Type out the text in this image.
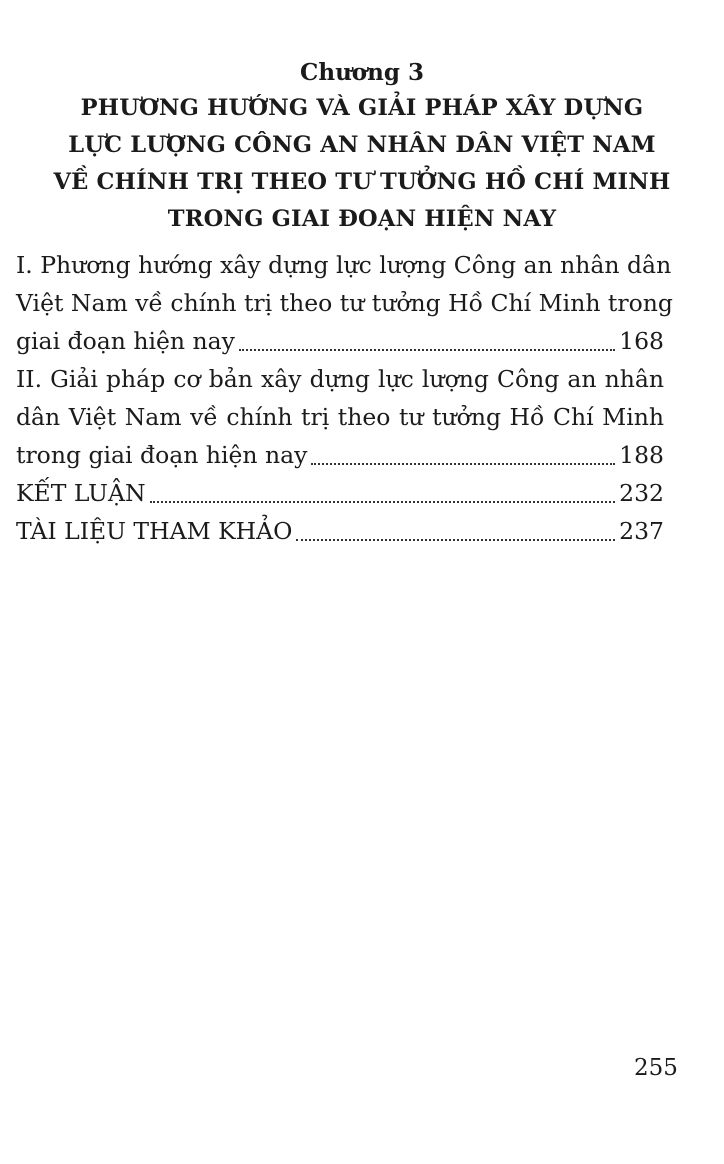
Chương 3
PHƯƠNG HƯỚNG VÀ GIẢI PHÁP XÂY DỰNG
LỰC LƯỢNG CÔNG AN NHÂN DÂN VIỆT NAM
VỀ CHÍNH TRỊ THEO TƯ TƯỞNG HỒ CHÍ MINH
TRONG GIAI ĐOẠN HIỆN NAY
I. Phương hướng xây dựng lực lượng Công an nhân dân
Việt Nam về chính trị theo tư tưởng Hồ Chí Minh trong
giai đoạn hiện nay	168
II. Giải pháp cơ bản xây dựng lực lượng Công an nhân
dân Việt Nam về chính trị theo tư tưởng Hồ Chí Minh
trong giai đoạn hiện nay	188
KẾT LUẬN	232
TÀI LIỆU THAM KHẢO	237
255
